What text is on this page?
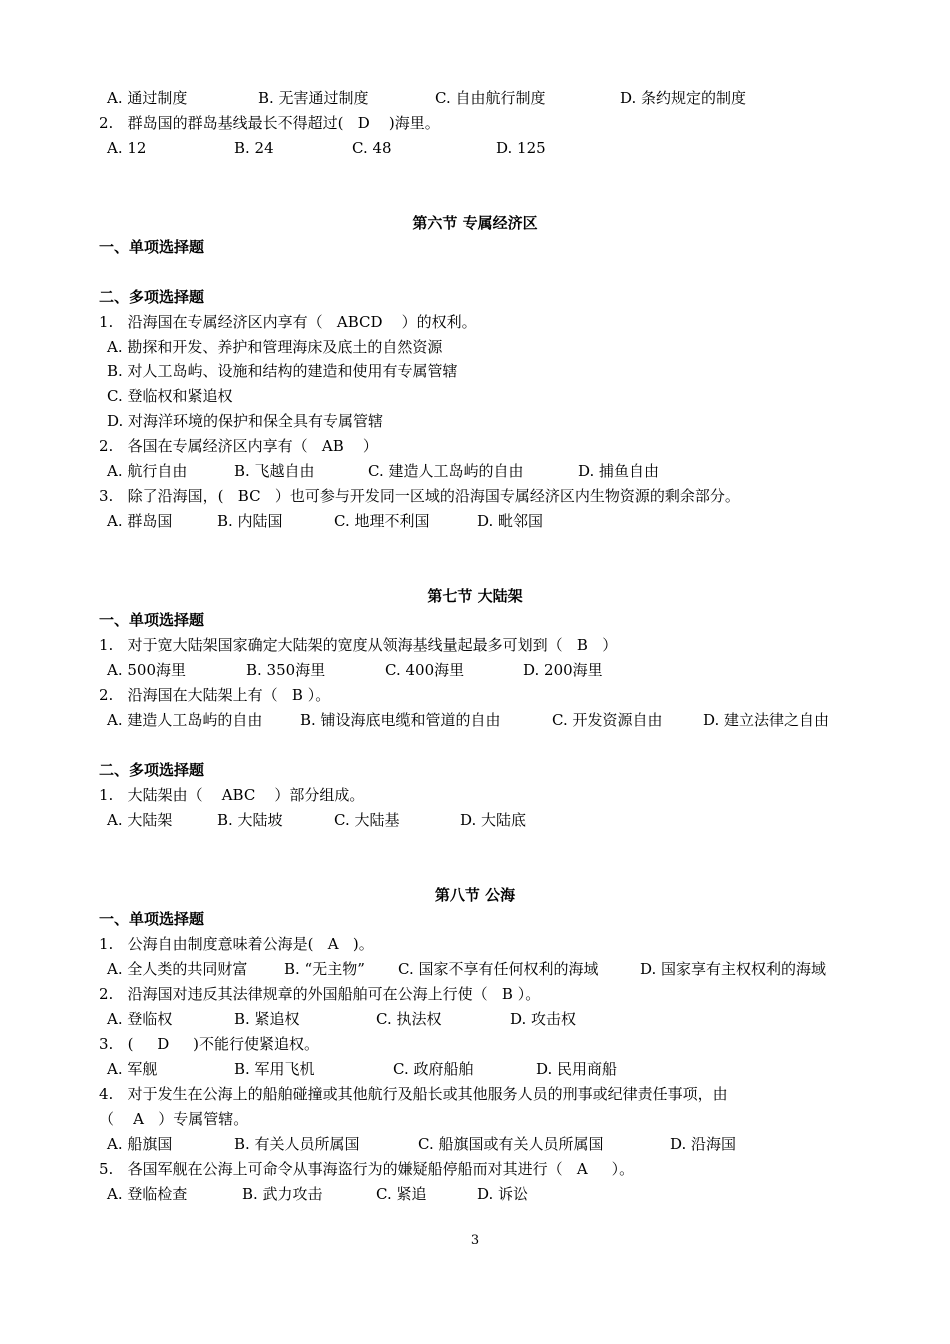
A. 通过制度	B. 无害通过制度	C. 自由航行制度	D. 条约规定的制度
2.   群岛国的群岛基线最长不得超过(   D    )海里。
A. 12	B. 24	C. 48	D. 125
第六节 专属经济区
一、单项选择题
二、多项选择题
1.   沿海国在专属经济区内享有（   ABCD    ）的权利。
A. 勘探和开发、养护和管理海床及底土的自然资源
B. 对人工岛屿、设施和结构的建造和使用有专属管辖
C. 登临权和紧追权
D. 对海洋环境的保护和保全具有专属管辖
2.   各国在专属经济区内享有（   AB    ）
A. 航行自由	B. 飞越自由	C. 建造人工岛屿的自由	D. 捕鱼自由
3.   除了沿海国，(   BC   ）也可参与开发同一区域的沿海国专属经济区内生物资源的剩余部分。
A. 群岛国	B. 内陆国	C. 地理不利国	D. 毗邻国
第七节 大陆架
一、单项选择题
1.   对于宽大陆架国家确定大陆架的宽度从领海基线量起最多可划到（   B   ）
A. 500海里	B. 350海里	C. 400海里	D. 200海里
2.   沿海国在大陆架上有（   B ）。
A. 建造人工岛屿的自由	B. 铺设海底电缆和管道的自由	C. 开发资源自由	D. 建立法律之自由
二、多项选择题
1.   大陆架由（    ABC    ）部分组成。
A. 大陆架	B. 大陆坡	C. 大陆基	D. 大陆底
第八节 公海
一、单项选择题
1.   公海自由制度意味着公海是(   A   )。
A. 全人类的共同财富 B. “无主物” C. 国家不享有任何权利的海域	D. 国家享有主权权利的海域
2.   沿海国对违反其法律规章的外国船舶可在公海上行使（   B ）。
A. 登临权	B. 紧追权	C. 执法权	D. 攻击权
3.   (     D     )不能行使紧追权。
A. 军舰	B. 军用飞机	C. 政府船舶	D. 民用商船
4.   对于发生在公海上的船舶碰撞或其他航行及船长或其他服务人员的刑事或纪律责任事项，由
（    A   ）专属管辖。
A. 船旗国	B. 有关人员所属国	C. 船旗国或有关人员所属国	D. 沿海国
5.   各国军舰在公海上可命令从事海盗行为的嫌疑船停船而对其进行（   A     ）。
A. 登临检查	B. 武力攻击	C. 紧追	D. 诉讼
3
